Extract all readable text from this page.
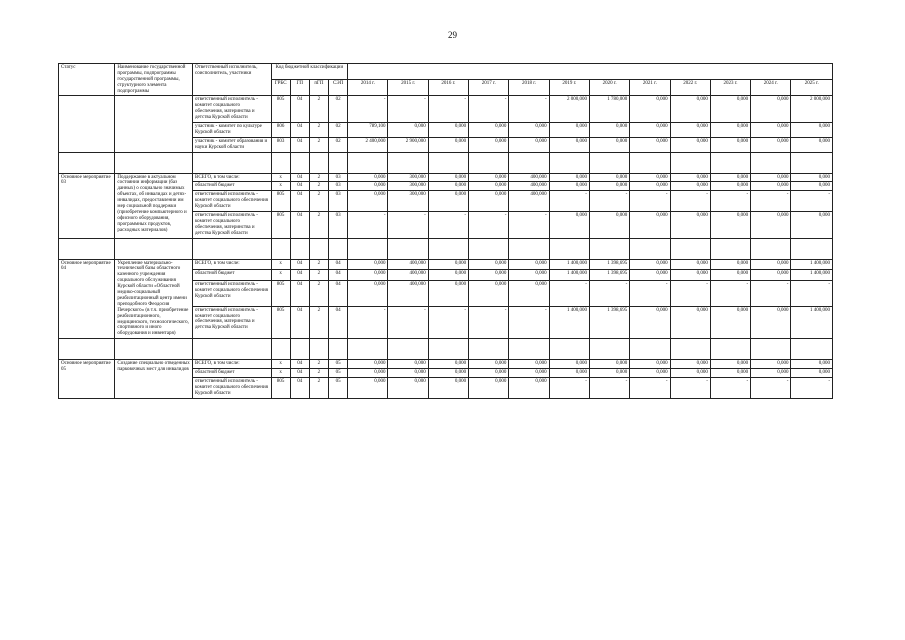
29
Статус	Наименование государственной программы, подпрограммы государственной программы, структурного элемента подпрограммы	Ответственный исполнитель, соисполнитель, участники	Код бюджетной классификации															
			ГРБС	ГП	пГП	СЭП	2014 г.	2015 г.	2016 г.	2017 г.	2018 г.	2019 г.	2020 г.	2021 г.	2022 г.	2023 г.	2024 г.	2025 г.
		ответственный исполнитель - комитет социального обеспечения, материнства и детства Курской области	805	04	2	02	-	-	-	-	-	2 000,000	1 780,000	0,000	0,000	0,000	0,000	2 000,000
		участник - комитет по культуре Курской области	806	04	2	02	789,100	0,000	0,000	0,000	0,000	0,000	0,000	0,000	0,000	0,000	0,000	0,000
		участник - комитет образования и науки Курской области	803	04	2	02	2 400,000	2 900,000	0,000	0,000	0,000	0,000	0,000	0,000	0,000	0,000	0,000	0,000

Основное мероприятие 03	Поддержание в актуальном состоянии информации (баз данных) о социально значимых объектах, об инвалидах и детях-инвалидах, предоставлении им мер социальной поддержки (приобретение компьютерного и офисного оборудования, программных продуктов, расходных материалов)	ВСЕГО, в том числе:	х	04	2	03	0,000	300,000	0,000	0,000	400,000	0,000	0,000	0,000	0,000	0,000	0,000	0,000
		областной бюджет	х	04	2	03	0,000	300,000	0,000	0,000	400,000	0,000	0,000	0,000	0,000	0,000	0,000	0,000
		ответственный исполнитель - комитет социального обеспечения Курской области	805	04	2	03	0,000	300,000	0,000	0,000	400,000	-	-	-	-	-	-	-
		ответственный исполнитель - комитет социального обеспечения, материнства и детства Курской области	805	04	2	03	-	-	-	-	-	0,000	0,000	0,000	0,000	0,000	0,000	0,000

Основное мероприятие 04	Укрепление материально-технической базы областного казенного учреждения социального обслуживания Курской области «Областной медико-социальный реабилитационный центр имени преподобного Феодосия Печерского» (в т.ч. приобретение реабилитационного, медицинского, технологического, спортивного и иного оборудования и инвентаря)	ВСЕГО, в том числе:	х	04	2	04	0,000	400,000	0,000	0,000	0,000	1 400,000	1 398,695	0,000	0,000	0,000	0,000	1 400,000
		областной бюджет	х	04	2	04	0,000	400,000	0,000	0,000	0,000	1 400,000	1 398,695	0,000	0,000	0,000	0,000	1 400,000
		ответственный исполнитель - комитет социального обеспечения Курской области	805	04	2	04	0,000	400,000	0,000	0,000	0,000	-	-	-	-	-	-	-
		ответственный исполнитель - комитет социального обеспечения, материнства и детства Курской области	805	04	2	04	-	-	-	-	-	1 400,000	1 398,695	0,000	0,000	0,000	0,000	1 400,000

Основное мероприятие 05	Создание специально отведенных парковочных мест для инвалидов	ВСЕГО, в том числе:	х	04	2	05	0,000	0,000	0,000	0,000	0,000	0,000	0,000	0,000	0,000	0,000	0,000	0,000
		областной бюджет	х	04	2	05	0,000	0,000	0,000	0,000	0,000	0,000	0,000	0,000	0,000	0,000	0,000	0,000
		ответственный исполнитель - комитет социального обеспечения Курской области	805	04	2	05	0,000	0,000	0,000	0,000	0,000	-	-	-	-	-	-	-
